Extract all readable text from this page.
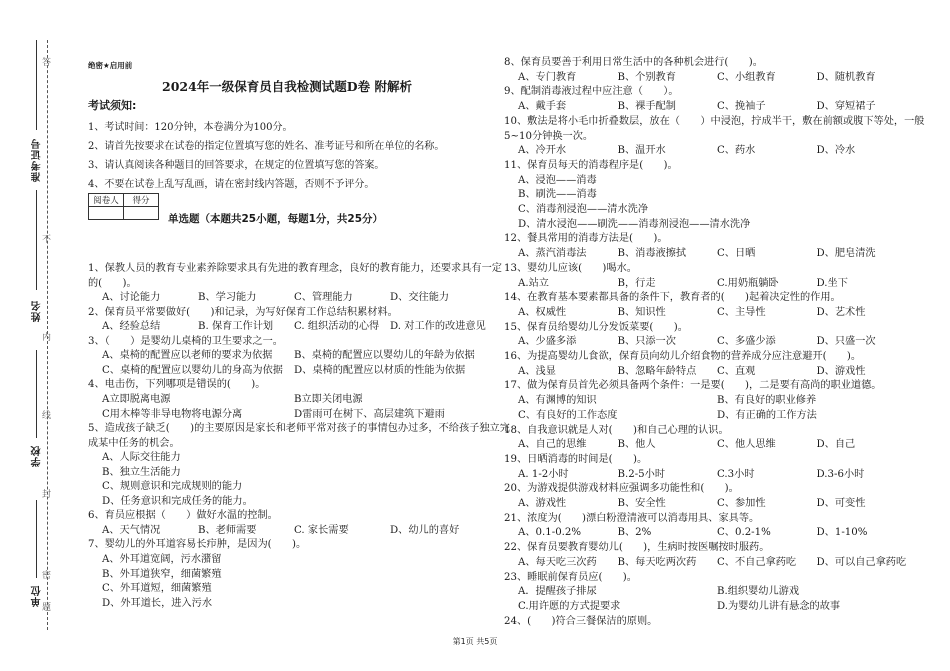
准考证号
姓名
学校
单位
答
不
内
线
封
密
题
绝密★启用前
2024年一级保育员自我检测试题D卷 附解析
考试须知:
1、考试时间：120分钟，本卷满分为100分。
2、请首先按要求在试卷的指定位置填写您的姓名、准考证号和所在单位的名称。
3、请认真阅读各种题目的回答要求，在规定的位置填写您的答案。
4、不要在试卷上乱写乱画，请在密封线内答题，否则不予评分。
阅卷人	得分

单选题（本题共25小题，每题1分，共25分）
1、保教人员的教育专业素养除要求具有先进的教育理念，良好的教育能力，还要求具有一定
的(　　)。
A、讨论能力	B、学习能力	C、管理能力	D、交往能力
2、保育员平常要做好(　　)和记录，为写好保育工作总结积累材料。
A、经验总结	B. 保育工作计划 C. 组织活动的心得 D. 对工作的改进意见
3、（　　）是婴幼儿桌椅的卫生要求之一。
A、桌椅的配置应以老师的要求为依据 B、桌椅的配置应以婴幼儿的年龄为依据
C、桌椅的配置应以婴幼儿的身高为依据 D、桌椅的配置应以材质的性能为依据
4、电击伤，下列哪项是错误的(　　)。
A立即脱离电源	B立即关闭电源
C用木棒等非导电物将电源分离	D雷雨可在树下、高层建筑下避雨
5、造成孩子缺乏(　　)的主要原因是家长和老师平常对孩子的事情包办过多，不给孩子独立完
成某中任务的机会。
A、人际交往能力
B、独立生活能力
C、规则意识和完成规则的能力
D、任务意识和完成任务的能力。
6、育员应根据（　　）做好水温的控制。
A、天气情况	B、老师需要	C. 家长需要	D、幼儿的喜好
7、婴幼儿的外耳道容易长疖肿，是因为(　　)。
A、外耳道宽阔，污水潴留
B、外耳道狭窄，细菌繁殖
C、外耳道短，细菌繁殖
D、外耳道长，进入污水
8、保育员要善于利用日常生活中的各种机会进行(　　)。
A、专门教育	B、个别教育	C、小组教育	D、随机教育
9、配制消毒液过程中应注意（　　）。
A、戴手套	B、裸手配制	C、挽袖子	D、穿短裙子
10、敷法是将小毛巾折叠数层，放在（　　）中浸泡，拧成半干，敷在前额或腹下等处，一般
5~10分钟换一次。
A、冷开水	B、温开水	C、药水	D、冷水
11、保育员每天的消毒程序是(　　)。
A、浸泡——消毒
B、刷洗——消毒
C、消毒剂浸泡——清水洗净
D、清水浸泡——刷洗——消毒剂浸泡——清水洗净
12、餐具常用的消毒方法是(　　)。
A、蒸汽消毒法	B、消毒液擦拭	C、日晒	D、肥皂清洗
13、婴幼儿应该(　　)喝水。
A.站立	B，行走	C.用奶瓶躺卧	D.坐下
14、在教育基本要素都具备的条件下，教育者的(　　)起着决定性的作用。
A、权威性	B、知识性	C、主导性	D、艺术性
15、保育员给婴幼儿分发饭菜要(　　)。
A、少盛多添	B、只添一次	C、多盛少添	D、只盛一次
16、为提高婴幼儿食欲，保育员向幼儿介绍食物的营养成分应注意避开(　　)。
A、浅显	B、忽略年龄特点 C、直观	D、游戏性
17、做为保育员首先必须具备两个条件：一是要(　　)，二是要有高尚的职业道德。
A、有渊博的知识	B、有良好的职业修养
C、有良好的工作态度	D、有正确的工作方法
18、自我意识就是人对(　　)和自己心理的认识。
A、自己的思维	B、他人	C、他人思维	D、自己
19、日晒消毒的时间是(　　)。
A. 1-2小时	B.2-5小时	C.3小时	D.3-6小时
20、为游戏提供游戏材料应强调多功能性和(　　)。
A、游戏性	B、安全性	C、参加性	D、可变性
21、浓度为(　　)漂白粉澄清液可以消毒用具、家具等。
A、0.1-0.2%	B、2%	C、0.2-1%	D、1-10%
22、保育员要教育婴幼儿(　　)，生病时按医嘱按时服药。
A、每天吃三次药 B、每天吃两次药 C、不自己拿药吃 D、可以自己拿药吃
23、睡眠前保育员应(　　)。
A．提醒孩子排尿	B.组织婴幼儿游戏
C.用许愿的方式提要求	D.为婴幼儿讲有悬念的故事
24、(　　)符合三餐保洁的原则。
第1页 共5页
